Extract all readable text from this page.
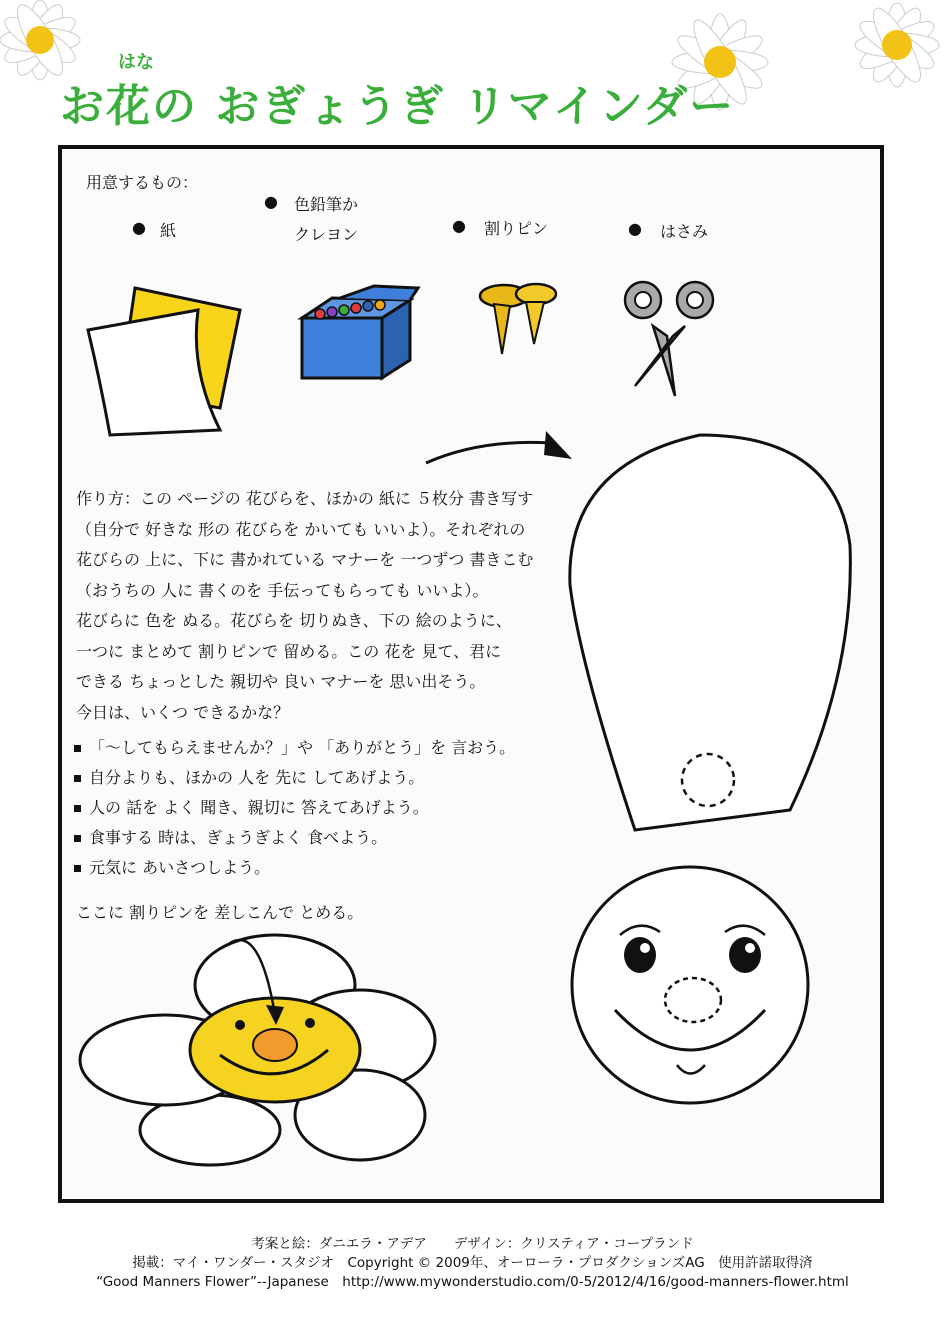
はな
お花の おぎょうぎ リマインダー
用意するもの：
● 紙
● 色鉛筆か
クレヨン	● 割りピン	● はさみ

作り方：この ページの 花びらを、ほかの 紙に ５枚分 書き写す

（自分で 好きな 形の 花びらを かいても いいよ）。それぞれの

花びらの 上に、下に 書かれている マナーを 一つずつ 書きこむ

（おうちの 人に 書くのを 手伝ってもらっても いいよ）。

花びらに 色を ぬる。花びらを 切りぬき、下の 絵のように、

一つに まとめて 割りピンで 留める。この 花を 見て、君に

できる ちょっとした 親切や 良い マナーを 思い出そう。

今日は、いくつ できるかな？

「～してもらえませんか？」や 「ありがとう」を 言おう。
自分よりも、ほかの 人を 先に してあげよう。
人の 話を よく 聞き、親切に 答えてあげよう。
食事する 時は、ぎょうぎよく 食べよう。
元気に あいさつしよう。
ここに 割りピンを 差しこんで とめる。
考案と絵：ダニエラ・アデア　　デザイン：クリスティア・コープランド
掲載：マイ・ワンダー・スタジオ　Copyright © 2009年、オーローラ・プロダクションズAG　使用許諾取得済
“Good Manners Flower”--Japanese　http://www.mywonderstudio.com/0-5/2012/4/16/good-manners-flower.html
